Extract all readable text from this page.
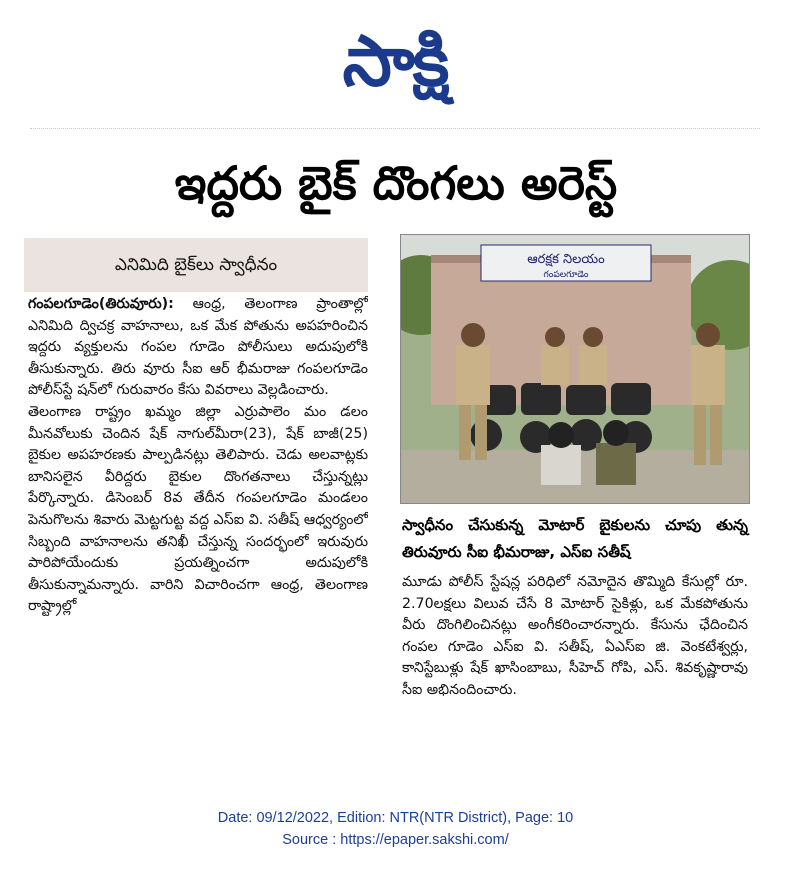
సాక్షి
ఇద్దరు బైక్ దొంగలు అరెస్ట్
ఎనిమిది బైక్‌లు స్వాధీనం

గంపలగూడెం(తిరువూరు): ఆంధ్ర, తెలంగాణ ప్రాంతాల్లో ఎనిమిది ద్విచక్ర వాహనాలు, ఒక మేక పోతును అపహరించిన ఇద్దరు వ్యక్తులను గంపల గూడెం పోలీసులు అదుపులోకి తీసుకున్నారు. తిరు వూరు సీఐ ఆర్ భీమరాజు గంపలగూడెం పోలీస్‌స్టే షన్‌లో గురువారం కేసు వివరాలు వెల్లడించారు.

తెలంగాణ రాష్ట్రం ఖమ్మం జిల్లా ఎర్రుపాలెం మం డలం మీనవోలుకు చెందిన షేక్ నాగుల్‌మీరా(23), షేక్ బాజీ(25) బైకుల అపహరణకు పాల్పడినట్లు తెలిపారు. చెడు అలవాట్లకు బానిసలైన వీరిద్దరు బైకుల దొంగతనాలు చేస్తున్నట్లు పేర్కొన్నారు. డిసెంబర్ 8వ తేదీన గంపలగూడెం మండలం పెనుగొలను శివారు మెట్టగుట్ట వద్ద ఎస్ఐ వి. సతీష్ ఆధ్వర్యంలో సిబ్బంది వాహనాలను తనిఖీ చేస్తున్న సందర్భంలో ఇరువురు పారిపోయేందుకు ప్రయత్నించగా అదుపులోకి తీసుకున్నామన్నారు. వారిని విచారించగా ఆంధ్ర, తెలంగాణ రాష్ట్రాల్లో

ఆరక్షక నిలయం
గంపలగూడెం
స్వాధీనం చేసుకున్న మోటార్ బైకులను చూపు తున్న తిరువూరు సీఐ భీమరాజు, ఎస్ఐ సతీష్

మూడు పోలీస్ స్టేషన్ల పరిధిలో నమోదైన తొమ్మిది కేసుల్లో రూ. 2.70లక్షలు విలువ చేసే 8 మోటార్ సైకిళ్లు, ఒక మేకపోతును వీరు దొంగిలించినట్లు అంగీకరించారన్నారు. కేసును ఛేదించిన గంపల గూడెం ఎస్ఐ వి. సతీష్, ఏఎస్ఐ జి. వెంకటేశ్వర్లు, కానిస్టేబుళ్లు షేక్ ఖాసింబాబు, సీహెచ్ గోపి, ఎస్. శివకృష్ణారావు సీఐ అభినందించారు.

Date: 09/12/2022, Edition: NTR(NTR District), Page: 10
Source : https://epaper.sakshi.com/
